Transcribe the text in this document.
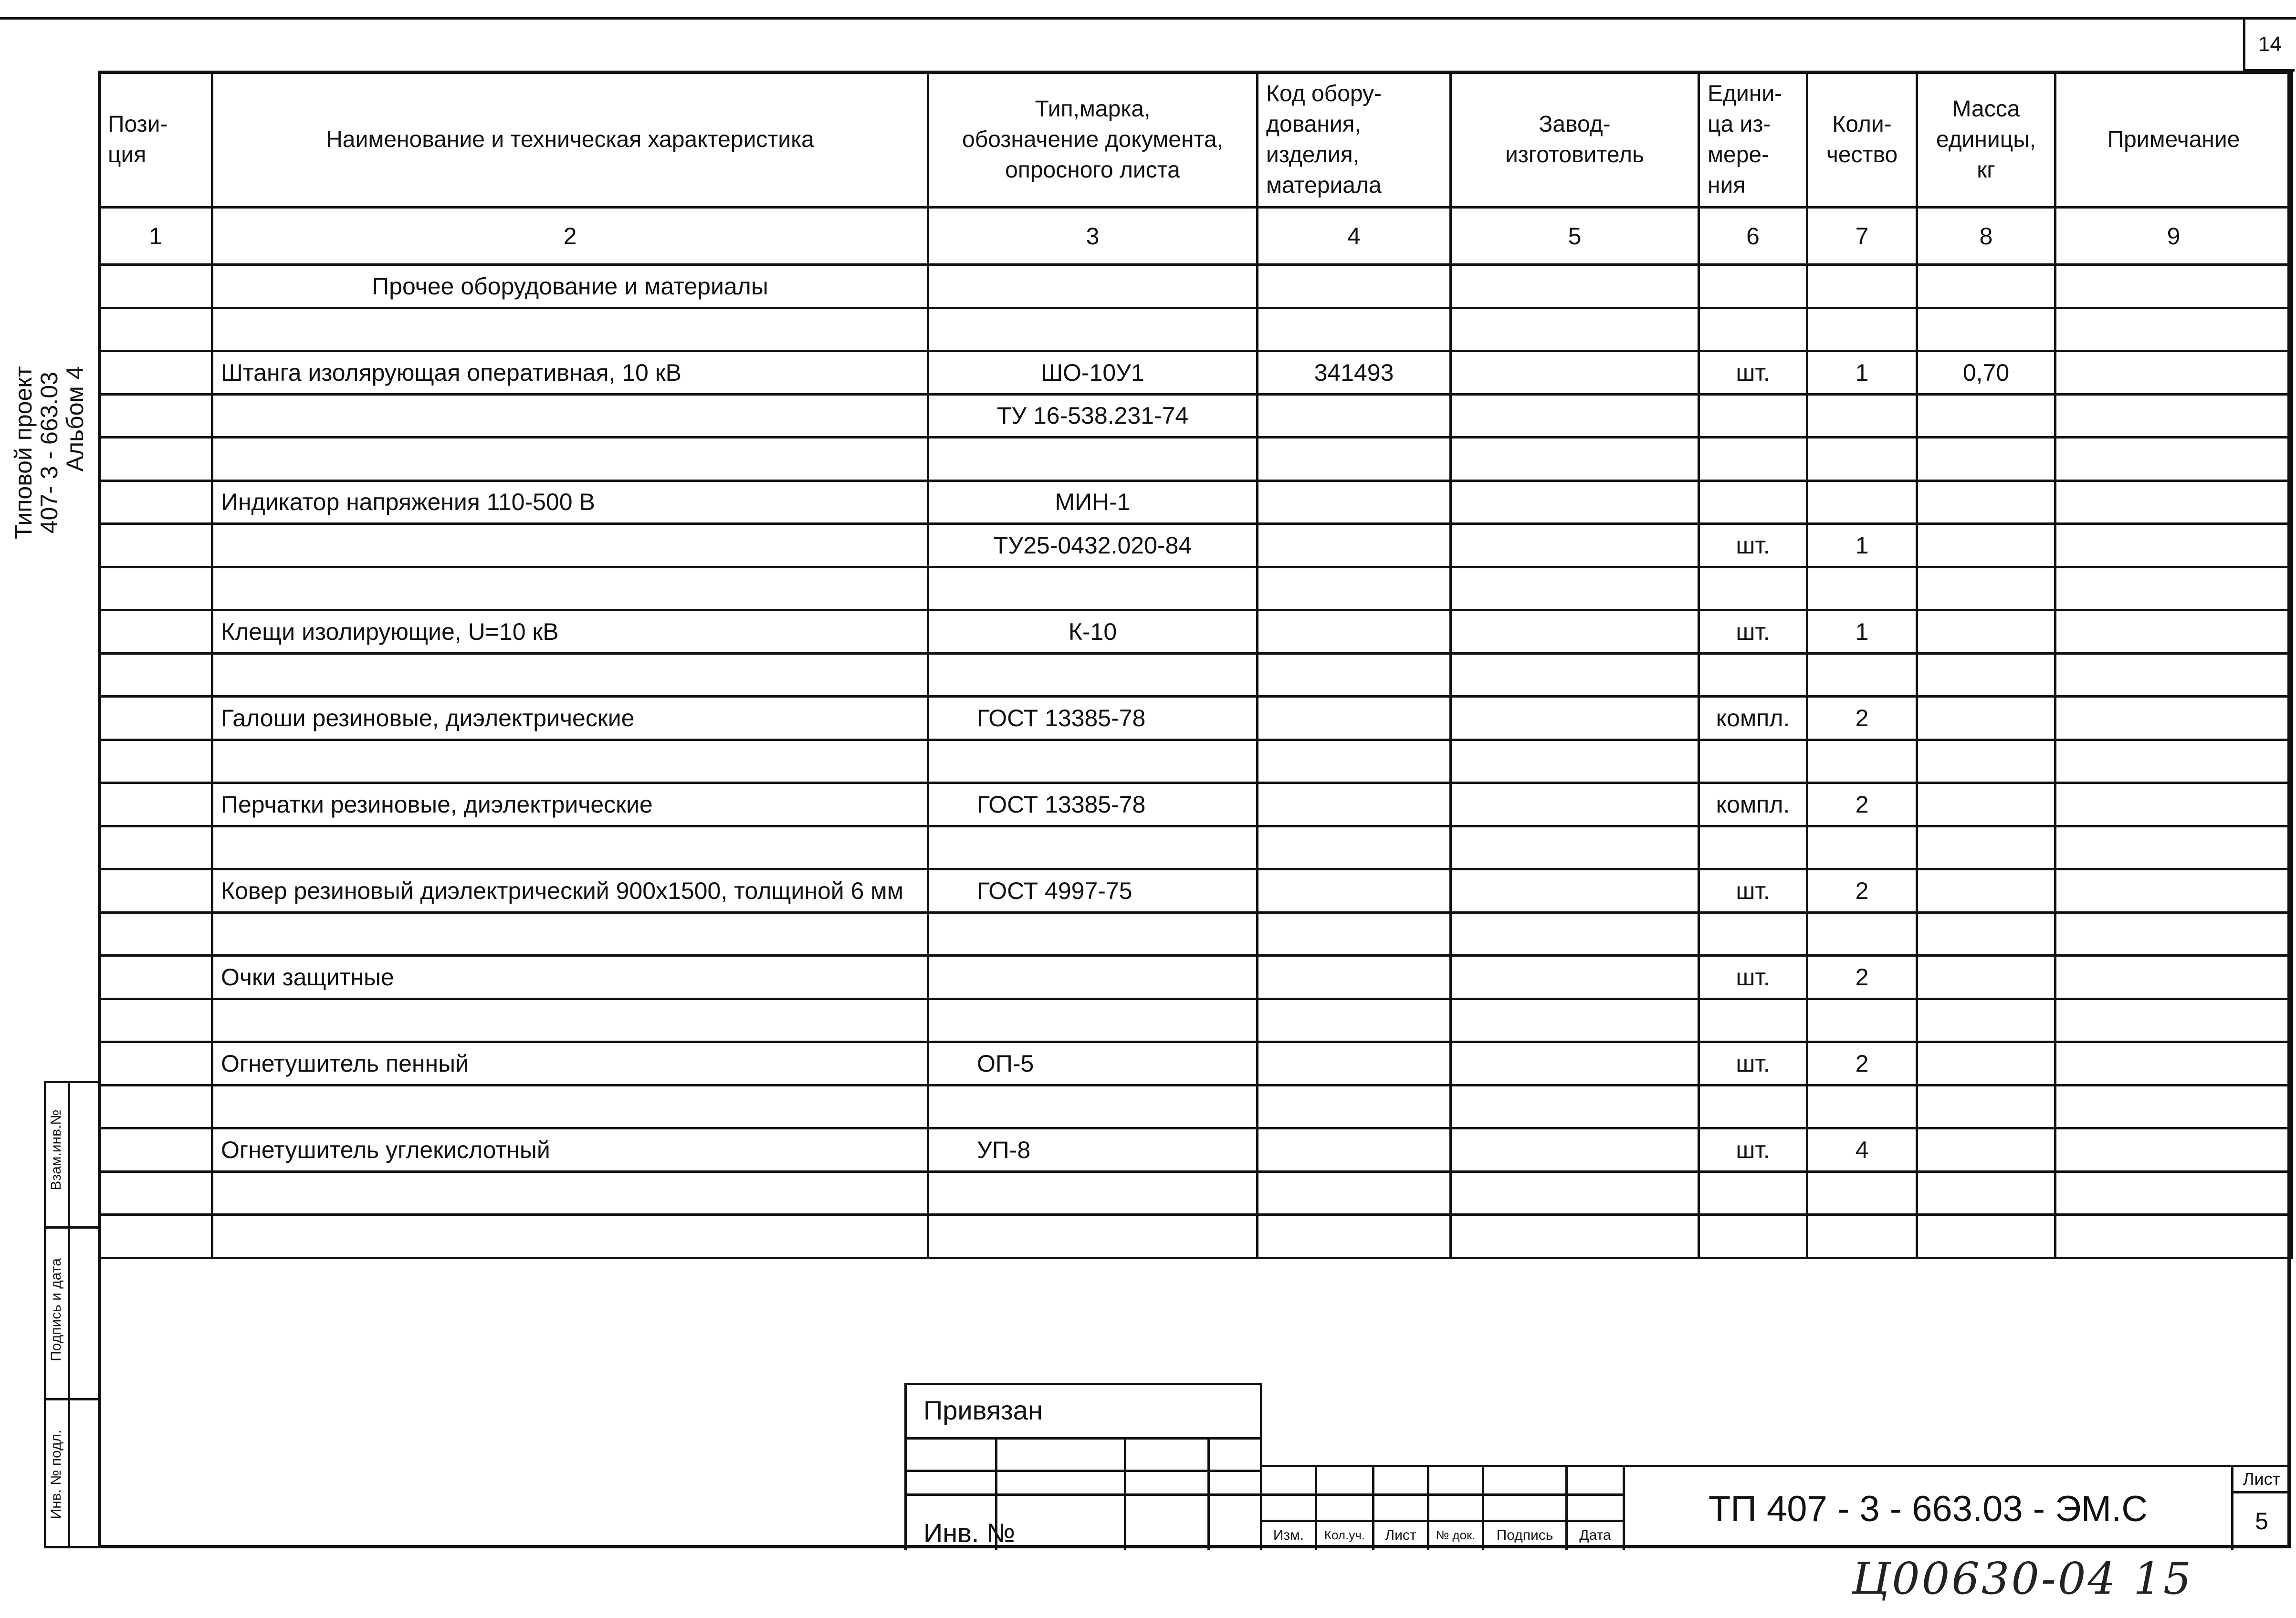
14
Типовой проект
407- 3 - 663.03
Альбом 4
Пози-
ция	Наименование и техническая характеристика	Тип,марка,
обозначение документа,
опросного листа	Код обору-
дования,
изделия,
материала	Завод-
изготовитель	Едини-
ца из-
мере-
ния	Коли-
чество	Масса
единицы,
кг	Примечание
1	2	3	4	5	6	7	8	9
	Прочее оборудование и материалы							

	Штанга изолярующая оперативная, 10 кВ	ШО-10У1	341493		шт.	1	0,70	
		ТУ 16-538.231-74						

	Индикатор напряжения 110-500 В	МИН-1						
		ТУ25-0432.020-84			шт.	1		

	Клещи изолирующие, U=10 кВ	К-10			шт.	1		

	Галоши резиновые, диэлектрические	ГОСТ 13385-78			компл.	2		

	Перчатки резиновые, диэлектрические	ГОСТ 13385-78			компл.	2		

	Ковер резиновый диэлектрический 900x1500, толщиной 6 мм	ГОСТ 4997-75			шт.	2		

	Очки защитные				шт.	2		

	Огнетушитель пенный	ОП-5			шт.	2		

	Огнетушитель углекислотный	УП-8			шт.	4		

Взам.инв.№
Подпись и дата
Инв. № подл.
Привязан
Инв. №	Изм.	Кол.уч.	Лист	№ док.	Подпись	Дата
ТП 407 - 3 - 663.03 - ЭМ.С
Лист
5
Ц00630-04 15
